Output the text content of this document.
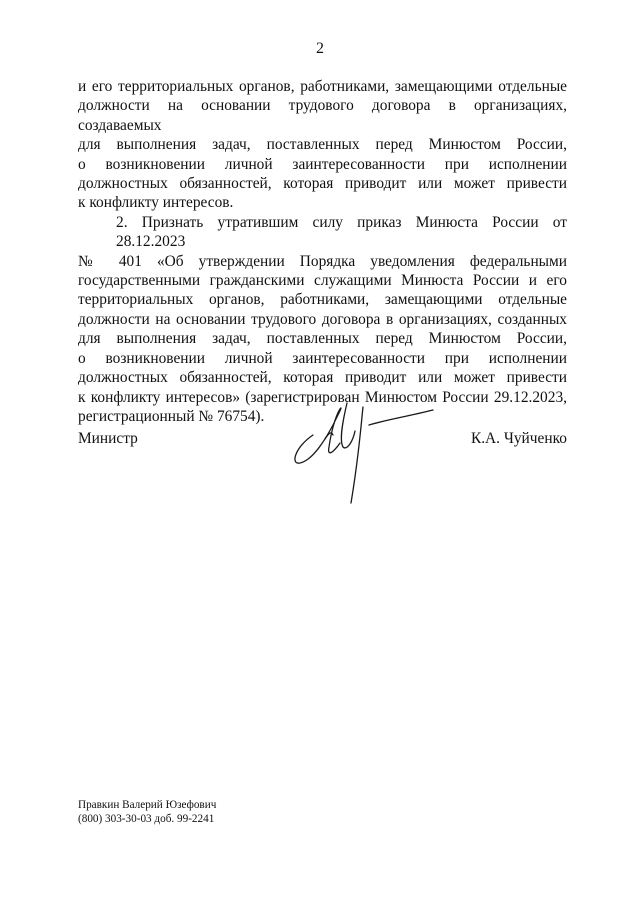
2
и его территориальных органов, работниками, замещающими отдельные
должности на основании трудового договора в организациях, создаваемых
для выполнения задач, поставленных перед Минюстом России,
о возникновении личной заинтересованности при исполнении
должностных обязанностей, которая приводит или может привести
к конфликту интересов.
2. Признать утратившим силу приказ Минюста России от 28.12.2023
№ 401 «Об утверждении Порядка уведомления федеральными
государственными гражданскими служащими Минюста России и его
территориальных органов, работниками, замещающими отдельные
должности на основании трудового договора в организациях, созданных
для выполнения задач, поставленных перед Минюстом России,
о возникновении личной заинтересованности при исполнении
должностных обязанностей, которая приводит или может привести
к конфликту интересов» (зарегистрирован Минюстом России 29.12.2023,
регистрационный № 76754).
Министр	К.А. Чуйченко
Правкин Валерий Юзефович
(800) 303-30-03 доб. 99-2241
